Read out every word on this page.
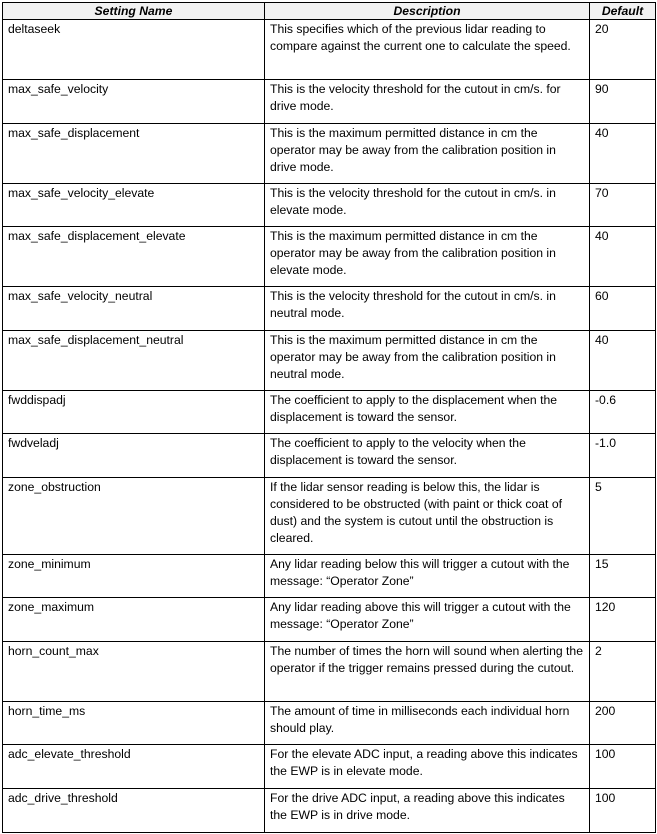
Setting Name	Description	Default
deltaseek	This specifies which of the previous lidar reading to compare against the current one to calculate the speed.	20
max_safe_velocity	This is the velocity threshold for the cutout in cm/s. for drive mode.	90
max_safe_displacement	This is the maximum permitted distance in cm the operator may be away from the calibration position in drive mode.	40
max_safe_velocity_elevate	This is the velocity threshold for the cutout in cm/s. in elevate mode.	70
max_safe_displacement_elevate	This is the maximum permitted distance in cm the operator may be away from the calibration position in elevate mode.	40
max_safe_velocity_neutral	This is the velocity threshold for the cutout in cm/s. in neutral mode.	60
max_safe_displacement_neutral	This is the maximum permitted distance in cm the operator may be away from the calibration position in neutral mode.	40
fwddispadj	The coefficient to apply to the displacement when the displacement is toward the sensor.	-0.6
fwdveladj	The coefficient to apply to the velocity when the displacement is toward the sensor.	-1.0
zone_obstruction	If the lidar sensor reading is below this, the lidar is considered to be obstructed (with paint or thick coat of dust) and the system is cutout until the obstruction is cleared.	5
zone_minimum	Any lidar reading below this will trigger a cutout with the message: “Operator Zone”	15
zone_maximum	Any lidar reading above this will trigger a cutout with the message: “Operator Zone”	120
horn_count_max	The number of times the horn will sound when alerting the operator if the trigger remains pressed during the cutout.	2
horn_time_ms	The amount of time in milliseconds each individual horn should play.	200
adc_elevate_threshold	For the elevate ADC input, a reading above this indicates the EWP is in elevate mode.	100
adc_drive_threshold	For the drive ADC input, a reading above this indicates the EWP is in drive mode.	100
